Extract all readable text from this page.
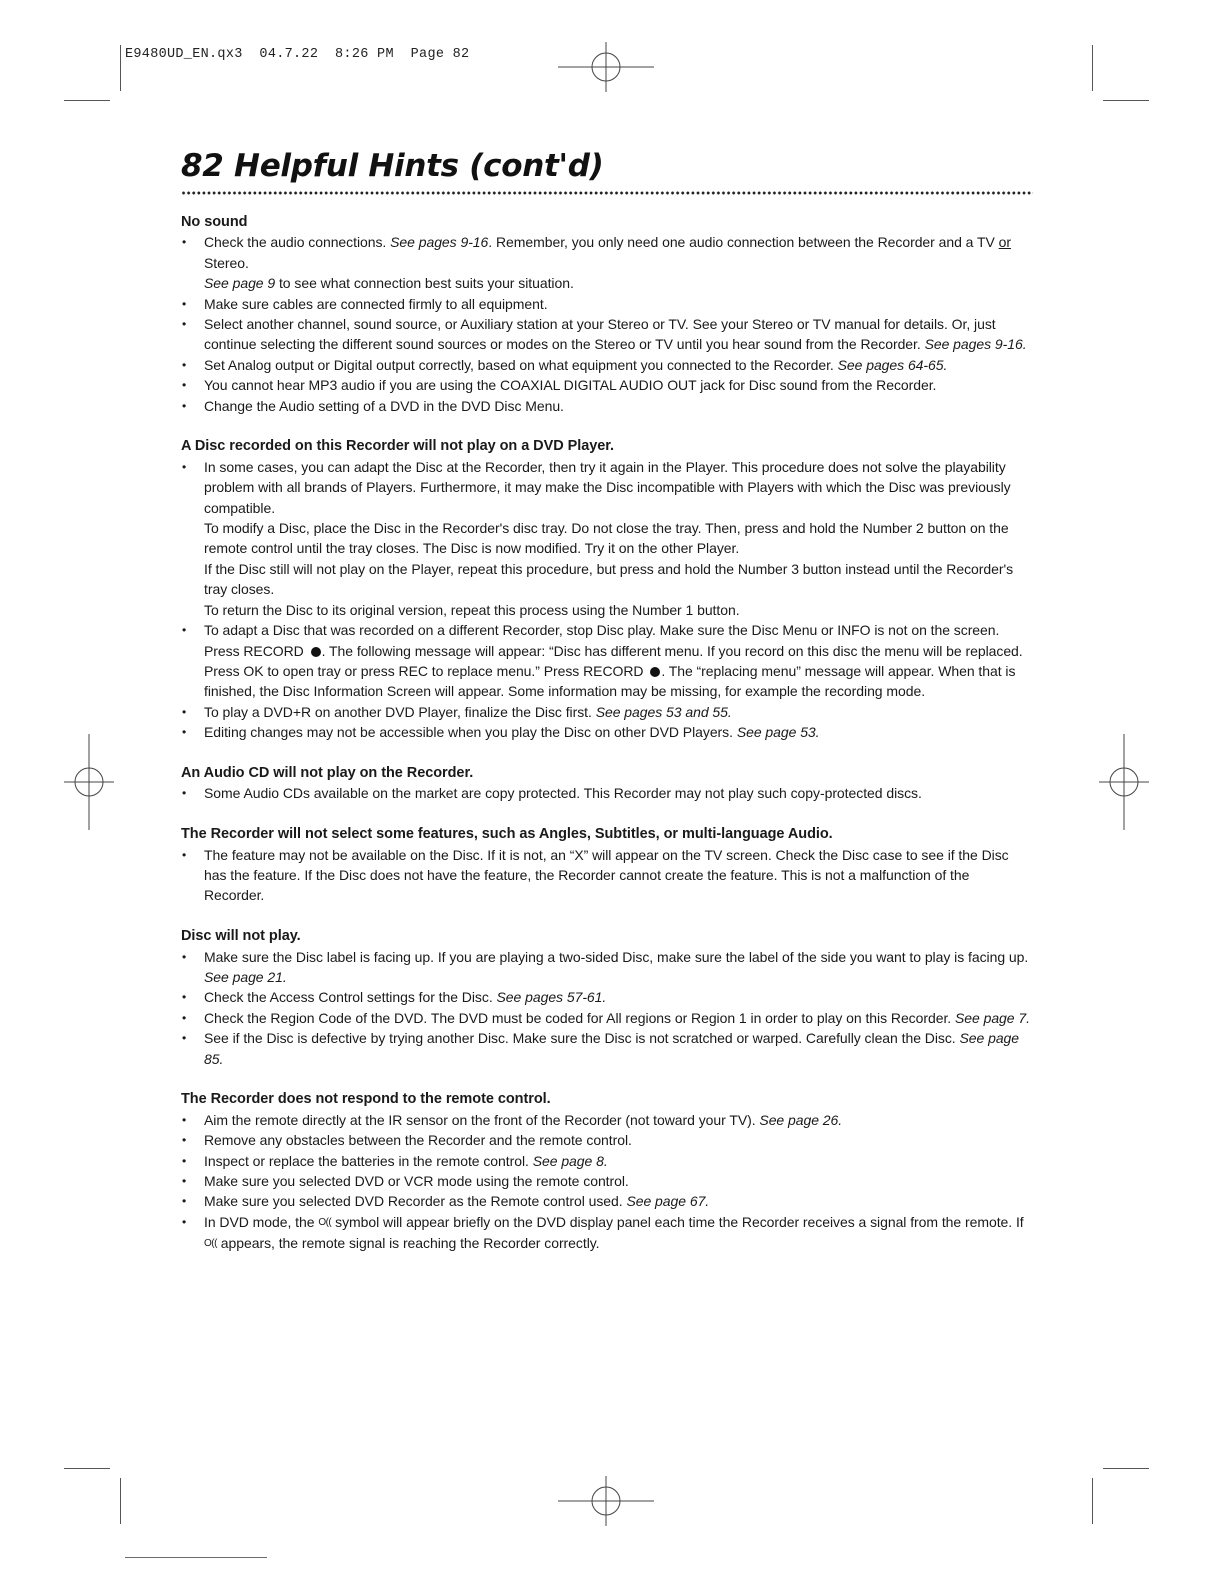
E9480UD_EN.qx3  04.7.22  8:26 PM  Page 82
82 Helpful Hints (cont'd)

No sound

• Check the audio connections. See pages 9-16. Remember, you only need one audio connection between the Recorder and a TV or Stereo.
See page 9 to see what connection best suits your situation.
• Make sure cables are connected firmly to all equipment.
• Select another channel, sound source, or Auxiliary station at your Stereo or TV. See your Stereo or TV manual for details. Or, just continue selecting the different sound sources or modes on the Stereo or TV until you hear sound from the Recorder. See pages 9-16.
• Set Analog output or Digital output correctly, based on what equipment you connected to the Recorder. See pages 64-65.
• You cannot hear MP3 audio if you are using the COAXIAL DIGITAL AUDIO OUT jack for Disc sound from the Recorder.
• Change the Audio setting of a DVD in the DVD Disc Menu.

A Disc recorded on this Recorder will not play on a DVD Player.

• In some cases, you can adapt the Disc at the Recorder, then try it again in the Player. This procedure does not solve the playability problem with all brands of Players. Furthermore, it may make the Disc incompatible with Players with which the Disc was previously compatible.
To modify a Disc, place the Disc in the Recorder's disc tray. Do not close the tray. Then, press and hold the Number 2 button on the remote control until the tray closes. The Disc is now modified. Try it on the other Player.
If the Disc still will not play on the Player, repeat this procedure, but press and hold the Number 3 button instead until the Recorder's tray closes.
To return the Disc to its original version, repeat this process using the Number 1 button.
• To adapt a Disc that was recorded on a different Recorder, stop Disc play. Make sure the Disc Menu or INFO is not on the screen. Press RECORD . The following message will appear: “Disc has different menu. If you record on this disc the menu will be replaced. Press OK to open tray or press REC to replace menu.” Press RECORD . The “replacing menu” message will appear. When that is finished, the Disc Information Screen will appear. Some information may be missing, for example the recording mode.
• To play a DVD+R on another DVD Player, finalize the Disc first. See pages 53 and 55.
• Editing changes may not be accessible when you play the Disc on other DVD Players. See page 53.

An Audio CD will not play on the Recorder.

• Some Audio CDs available on the market are copy protected. This Recorder may not play such copy-protected discs.

The Recorder will not select some features, such as Angles, Subtitles, or multi-language Audio.

• The feature may not be available on the Disc. If it is not, an “X” will appear on the TV screen. Check the Disc case to see if the Disc has the feature. If the Disc does not have the feature, the Recorder cannot create the feature. This is not a malfunction of the Recorder.

Disc will not play.

• Make sure the Disc label is facing up. If you are playing a two-sided Disc, make sure the label of the side you want to play is facing up. See page 21.
• Check the Access Control settings for the Disc. See pages 57-61.
• Check the Region Code of the DVD. The DVD must be coded for All regions or Region 1 in order to play on this Recorder. See page 7.
• See if the Disc is defective by trying another Disc. Make sure the Disc is not scratched or warped. Carefully clean the Disc. See page 85.

The Recorder does not respond to the remote control.

• Aim the remote directly at the IR sensor on the front of the Recorder (not toward your TV). See page 26.
• Remove any obstacles between the Recorder and the remote control.
• Inspect or replace the batteries in the remote control. See page 8.
• Make sure you selected DVD or VCR mode using the remote control.
• Make sure you selected DVD Recorder as the Remote control used. See page 67.
• In DVD mode, the O(( symbol will appear briefly on the DVD display panel each time the Recorder receives a signal from the remote. If O(( appears, the remote signal is reaching the Recorder correctly.
